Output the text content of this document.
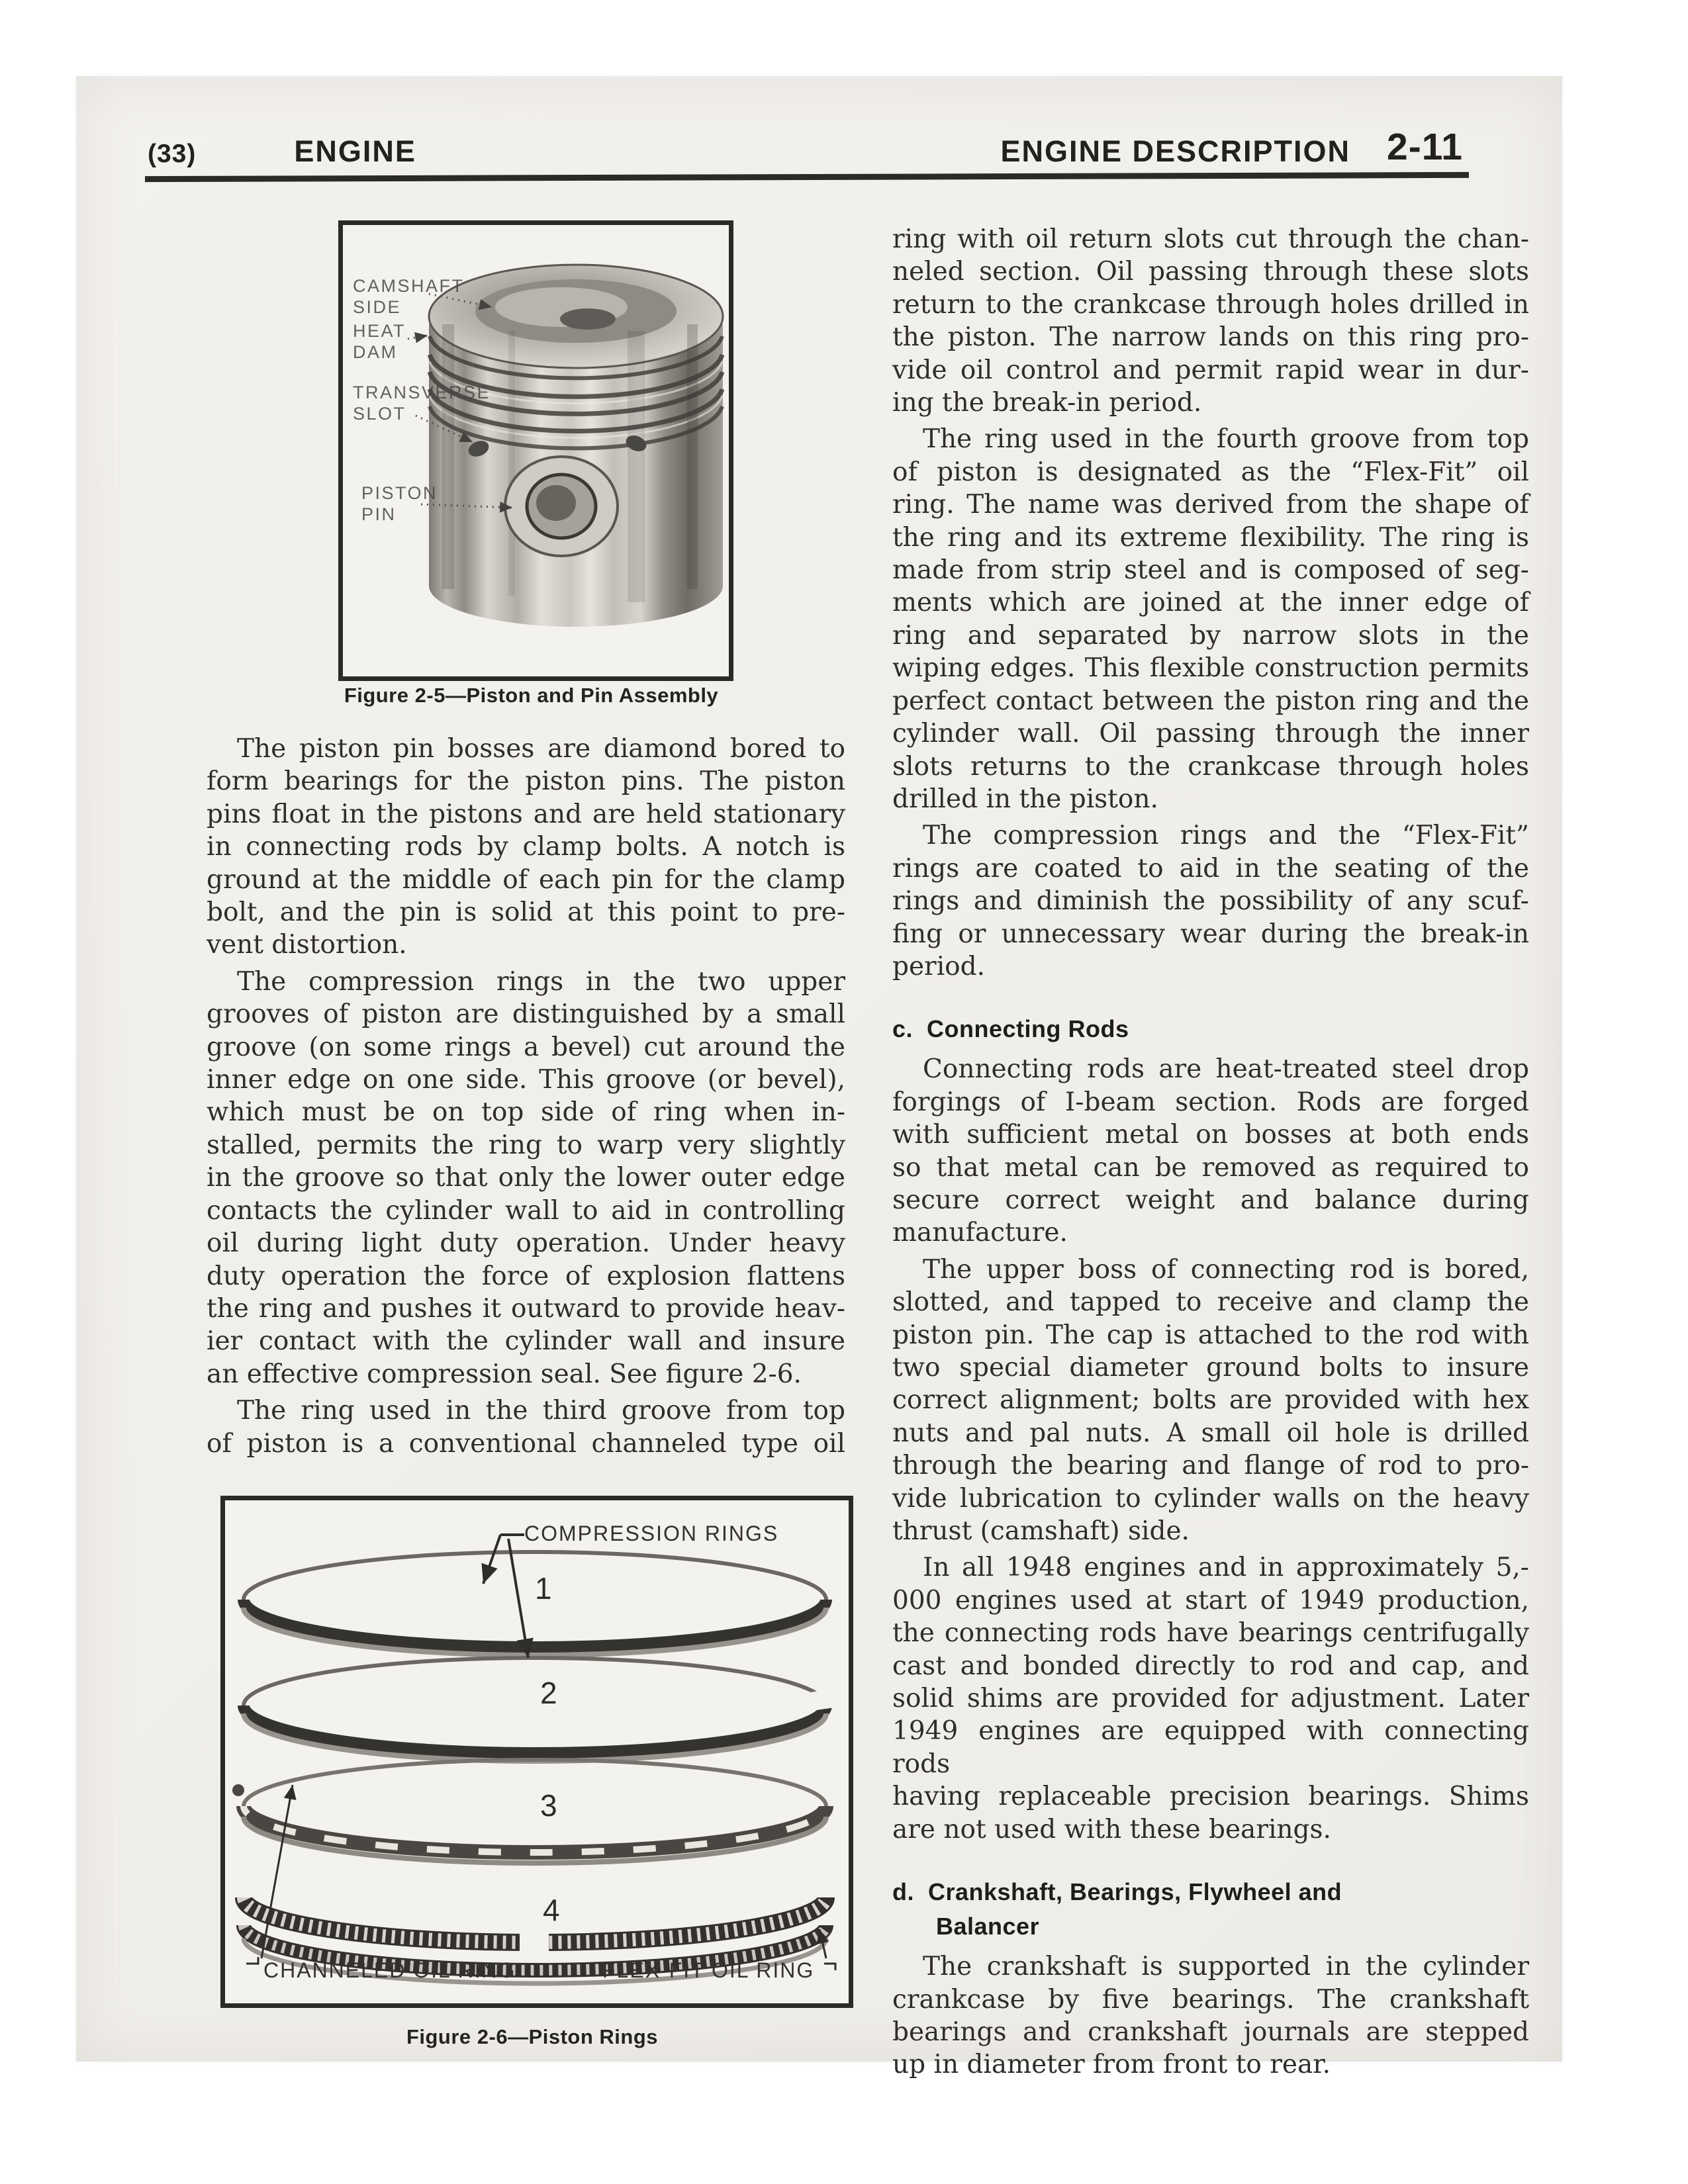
(33)	ENGINE	ENGINE DESCRIPTION 2-11
CAMSHAFT
SIDE
HEAT
DAM
TRANSVERSE
SLOT
PISTON
PIN
Figure 2-5—Piston and Pin Assembly
The piston pin bosses are diamond bored to
form bearings for the piston pins. The piston
pins float in the pistons and are held stationary
in connecting rods by clamp bolts. A notch is
ground at the middle of each pin for the clamp
bolt, and the pin is solid at this point to pre-
vent distortion.
The compression rings in the two upper
grooves of piston are distinguished by a small
groove (on some rings a bevel) cut around the
inner edge on one side. This groove (or bevel),
which must be on top side of ring when in-
stalled, permits the ring to warp very slightly
in the groove so that only the lower outer edge
contacts the cylinder wall to aid in controlling
oil during light duty operation. Under heavy
duty operation the force of explosion flattens
the ring and pushes it outward to provide heav-
ier contact with the cylinder wall and insure
an effective compression seal. See figure 2-6.
The ring used in the third groove from top
of piston is a conventional channeled type oil
COMPRESSION RINGS
1
2
3
4
CHANNELED OIL RING	FLEX-FIT OIL RING
Figure 2-6—Piston Rings
ring with oil return slots cut through the chan-
neled section. Oil passing through these slots
return to the crankcase through holes drilled in
the piston. The narrow lands on this ring pro-
vide oil control and permit rapid wear in dur-
ing the break-in period.
The ring used in the fourth groove from top
of piston is designated as the “Flex-Fit” oil
ring. The name was derived from the shape of
the ring and its extreme flexibility. The ring is
made from strip steel and is composed of seg-
ments which are joined at the inner edge of
ring and separated by narrow slots in the
wiping edges. This flexible construction permits
perfect contact between the piston ring and the
cylinder wall. Oil passing through the inner
slots returns to the crankcase through holes
drilled in the piston.
The compression rings and the “Flex-Fit”
rings are coated to aid in the seating of the
rings and diminish the possibility of any scuf-
fing or unnecessary wear during the break-in
period.
c.  Connecting Rods
Connecting rods are heat-treated steel drop
forgings of I-beam section. Rods are forged
with sufficient metal on bosses at both ends
so that metal can be removed as required to
secure correct weight and balance during
manufacture.
The upper boss of connecting rod is bored,
slotted, and tapped to receive and clamp the
piston pin. The cap is attached to the rod with
two special diameter ground bolts to insure
correct alignment; bolts are provided with hex
nuts and pal nuts. A small oil hole is drilled
through the bearing and flange of rod to pro-
vide lubrication to cylinder walls on the heavy
thrust (camshaft) side.
In all 1948 engines and in approximately 5,-
000 engines used at start of 1949 production,
the connecting rods have bearings centrifugally
cast and bonded directly to rod and cap, and
solid shims are provided for adjustment. Later
1949 engines are equipped with connecting rods
having replaceable precision bearings. Shims
are not used with these bearings.
d.  Crankshaft, Bearings, Flywheel and
Balancer
The crankshaft is supported in the cylinder
crankcase by five bearings. The crankshaft
bearings and crankshaft journals are stepped
up in diameter from front to rear.
